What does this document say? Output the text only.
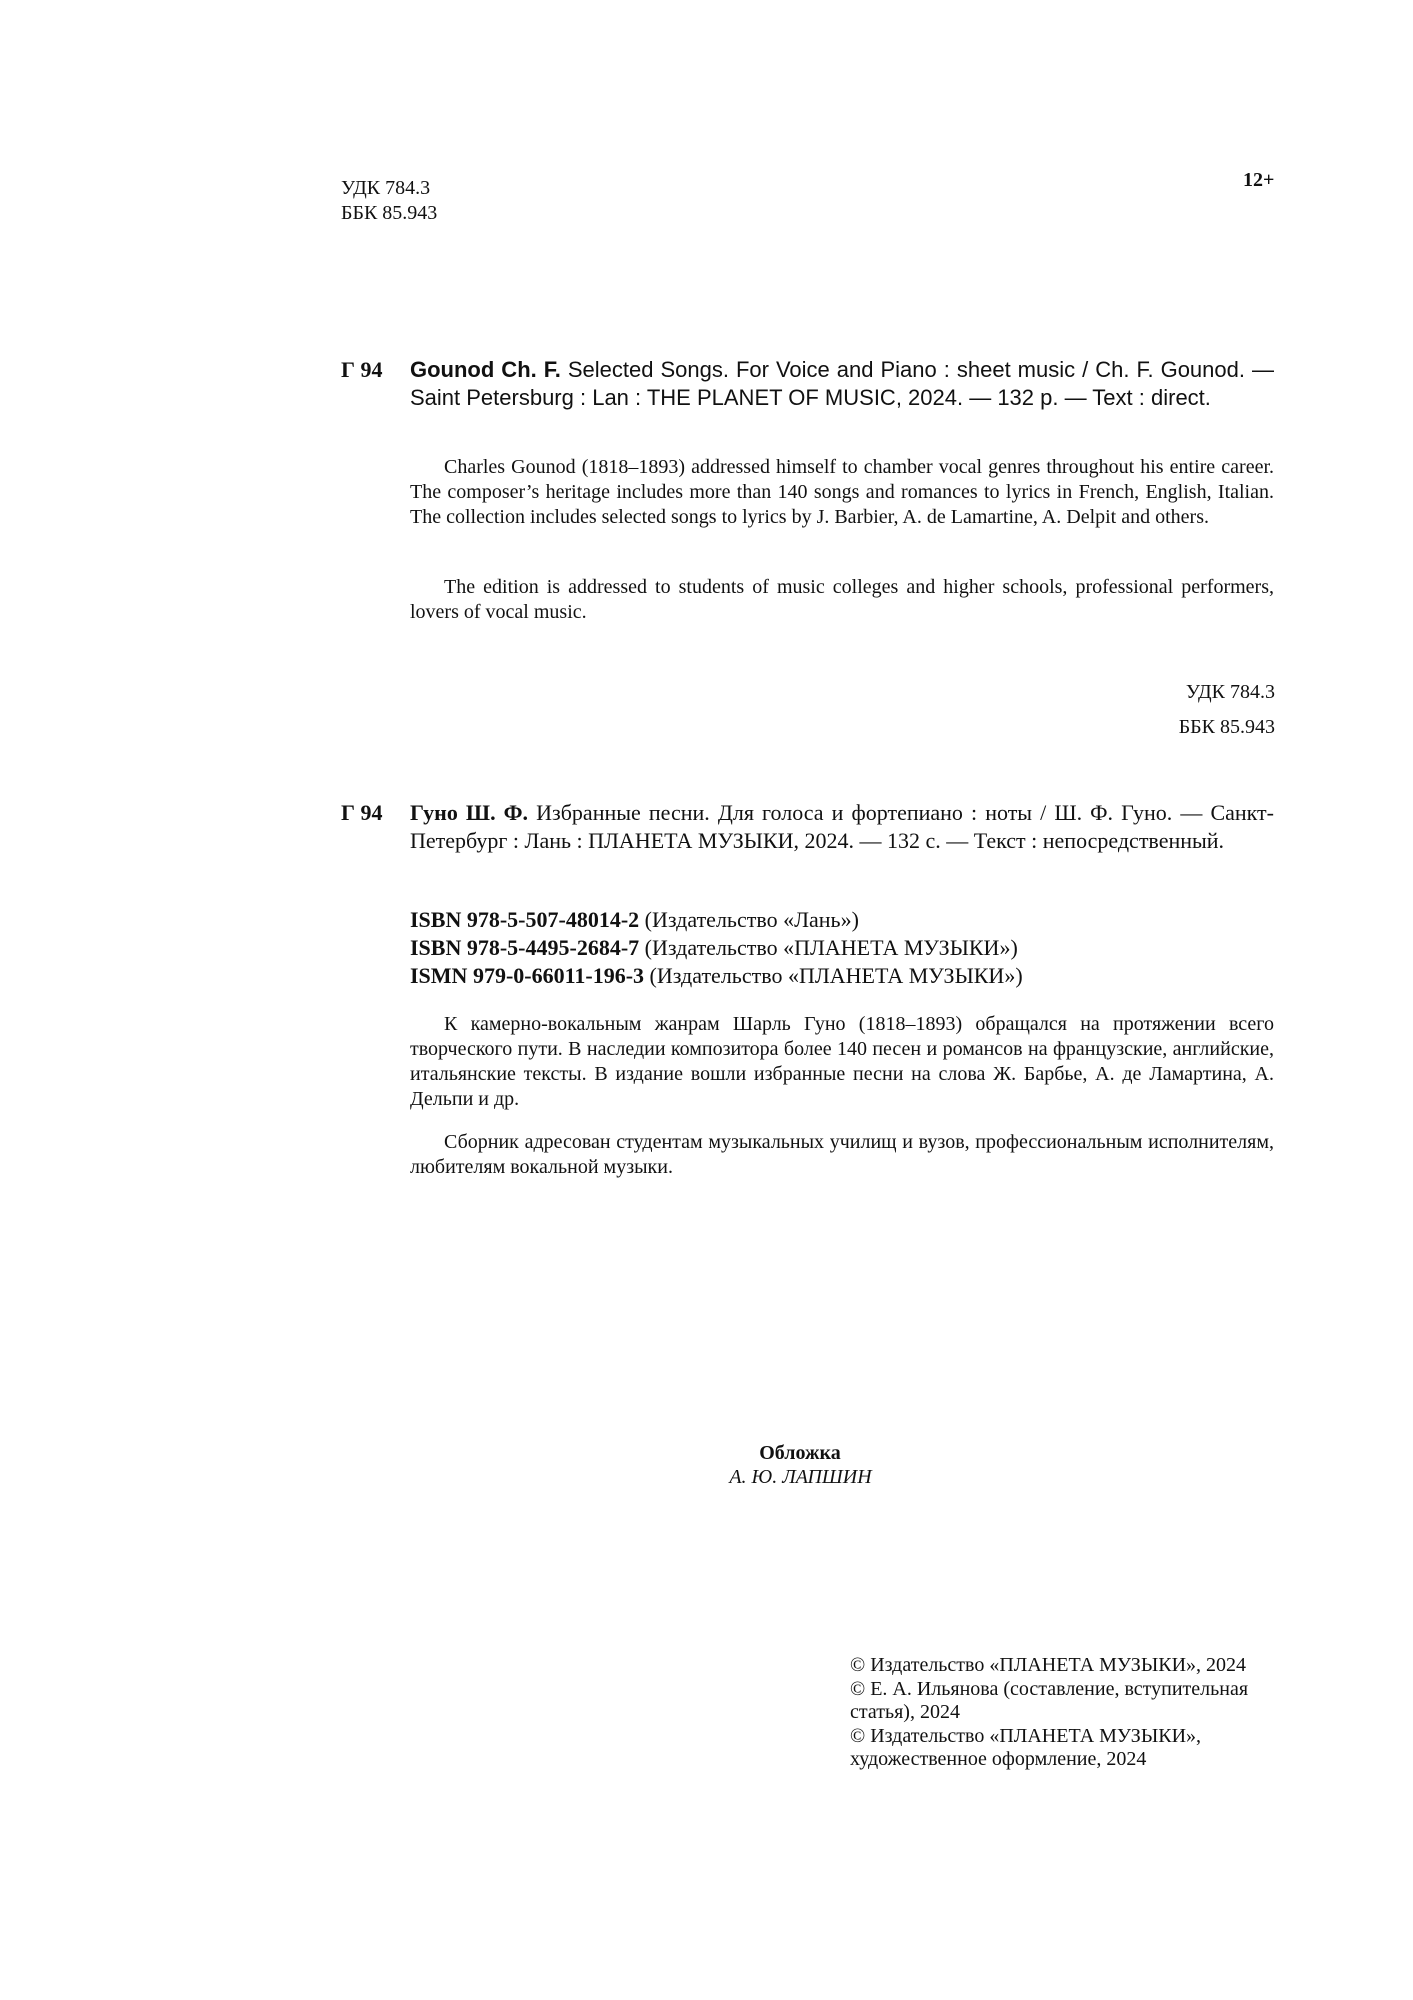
УДК 784.3
ББК 85.943
12+
Г 94 Gounod Ch. F. Selected Songs. For Voice and Piano : sheet music / Ch. F. Gounod. — Saint Petersburg : Lan : THE PLANET OF MUSIC, 2024. — 132 p. — Text : direct.
Charles Gounod (1818–1893) addressed himself to chamber vocal genres throughout his entire career. The composer’s heritage includes more than 140 songs and romances to lyrics in French, English, Italian. The collection includes selected songs to lyrics by J. Barbier, A. de Lamartine, A. Delpit and others.
The edition is addressed to students of music colleges and higher schools, professional performers, lovers of vocal music.
УДК 784.3
ББК 85.943
Г 94 Гуно Ш. Ф. Избранные песни. Для голоса и фортепиано : ноты / Ш. Ф. Гуно. — Санкт-Петербург : Лань : ПЛАНЕТА МУЗЫКИ, 2024. — 132 с. — Текст : непосредственный.
ISBN 978-5-507-48014-2 (Издательство «Лань»)
ISBN 978-5-4495-2684-7 (Издательство «ПЛАНЕТА МУЗЫКИ»)
ISMN 979-0-66011-196-3 (Издательство «ПЛАНЕТА МУЗЫКИ»)
К камерно-вокальным жанрам Шарль Гуно (1818–1893) обращался на протяжении всего творческого пути. В наследии композитора более 140 песен и романсов на французские, английские, итальянские тексты. В издание вошли избранные песни на слова Ж. Барбье, А. де Ламартина, А. Дельпи и др.
Сборник адресован студентам музыкальных училищ и вузов, профессиональным исполнителям, любителям вокальной музыки.
Обложка
А. Ю. ЛАПШИН
© Издательство «ПЛАНЕТА МУЗЫКИ», 2024
© Е. А. Ильянова (составление, вступительная статья), 2024
© Издательство «ПЛАНЕТА МУЗЫКИ», художественное оформление, 2024
